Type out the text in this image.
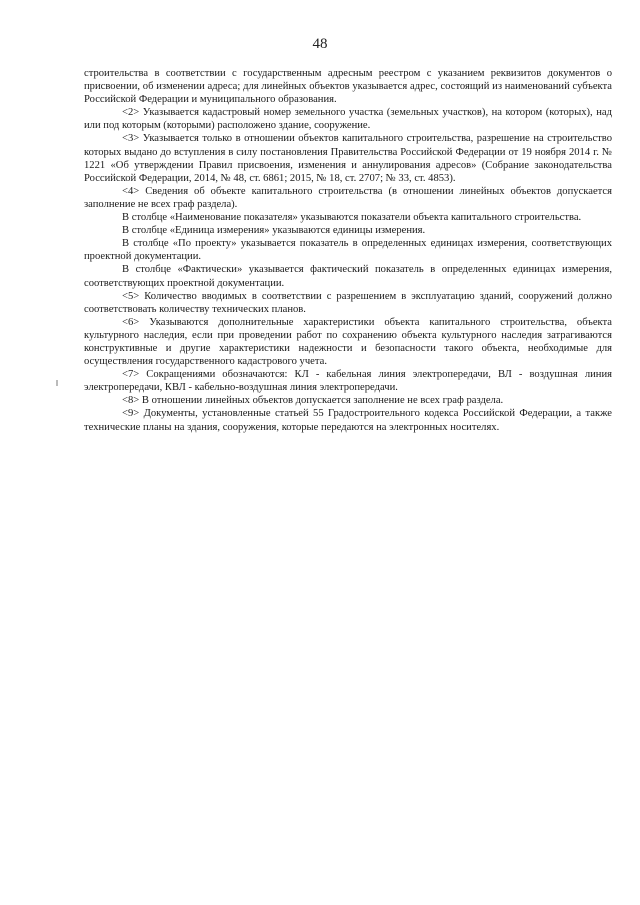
48

строительства в соответствии с государственным адресным реестром с указанием реквизитов документов о присвоении, об изменении адреса; для линейных объектов указывается адрес, состоящий из наименований субъекта Российской Федерации и муниципального образования.

<2> Указывается кадастровый номер земельного участка (земельных участков), на котором (которых), над или под которым (которыми) расположено здание, сооружение.

<3> Указывается только в отношении объектов капитального строительства, разрешение на строительство которых выдано до вступления в силу постановления Правительства Российской Федерации от 19 ноября 2014 г. № 1221 «Об утверждении Правил присвоения, изменения и аннулирования адресов» (Собрание законодательства Российской Федерации, 2014, № 48, ст. 6861; 2015, № 18, ст. 2707; № 33, ст. 4853).

<4> Сведения об объекте капитального строительства (в отношении линейных объектов допускается заполнение не всех граф раздела).

В столбце «Наименование показателя» указываются показатели объекта капитального строительства.

В столбце «Единица измерения» указываются единицы измерения.

В столбце «По проекту» указывается показатель в определенных единицах измерения, соответствующих проектной документации.

В столбце «Фактически» указывается фактический показатель в определенных единицах измерения, соответствующих проектной документации.

<5> Количество вводимых в соответствии с разрешением в эксплуатацию зданий, сооружений должно соответствовать количеству технических планов.

<6> Указываются дополнительные характеристики объекта капитального строительства, объекта культурного наследия, если при проведении работ по сохранению объекта культурного наследия затрагиваются конструктивные и другие характеристики надежности и безопасности такого объекта, необходимые для осуществления государственного кадастрового учета.

<7> Сокращениями обозначаются: КЛ - кабельная линия электропередачи, ВЛ - воздушная линия электропередачи, КВЛ - кабельно-воздушная линия электропередачи.

<8> В отношении линейных объектов допускается заполнение не всех граф раздела.

<9> Документы, установленные статьей 55 Градостроительного кодекса Российской Федерации, а также технические планы на здания, сооружения, которые передаются на электронных носителях.
